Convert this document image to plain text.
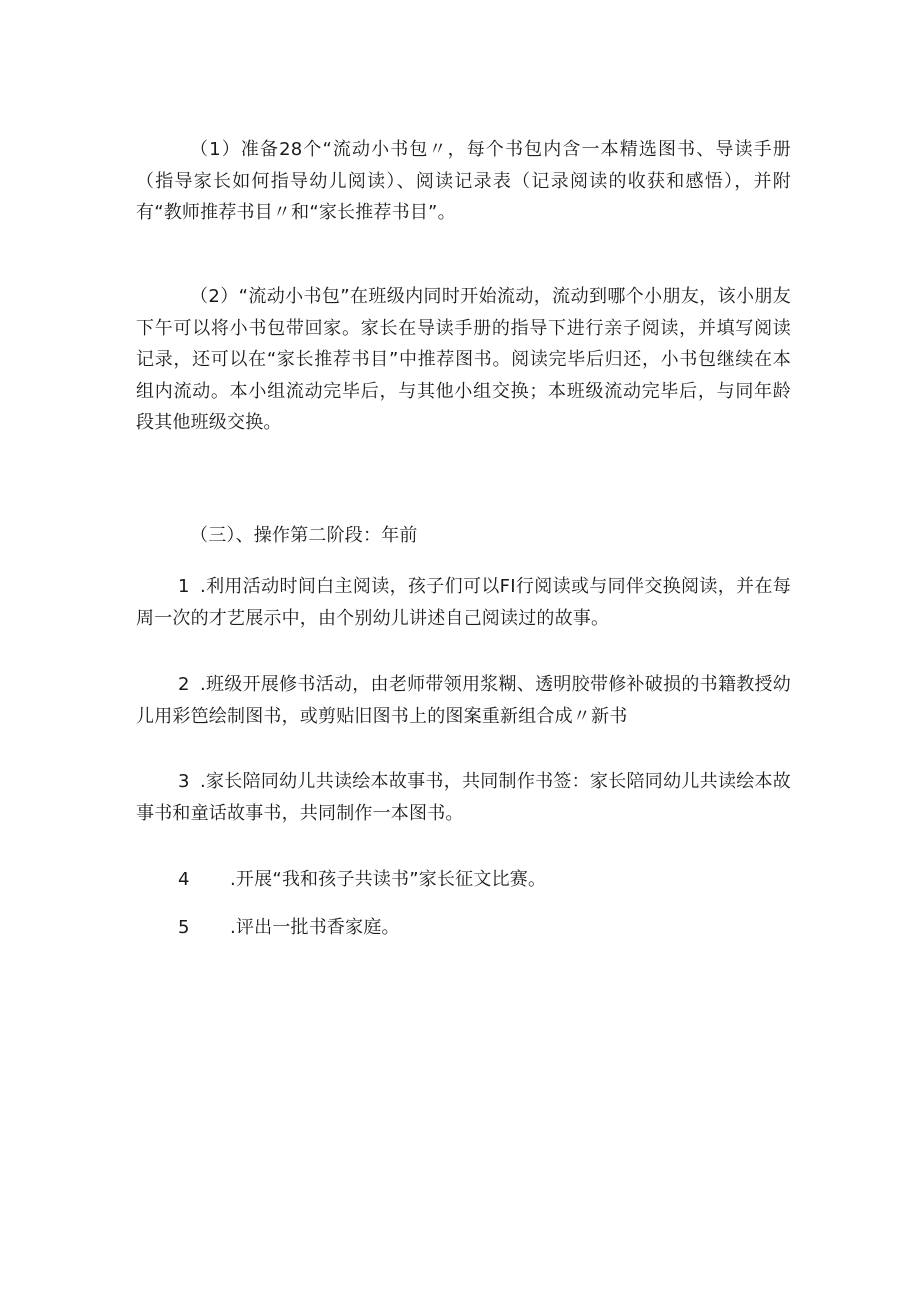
（1）准备28个“流动小书包〃，每个书包内含一本精选图书、导读手册（指导家长如何指导幼儿阅读）、阅读记录表（记录阅读的收获和感悟），并附有“教师推荐书目〃和“家长推荐书目”。

（2）“流动小书包”在班级内同时开始流动，流动到哪个小朋友，该小朋友下午可以将小书包带回家。家长在导读手册的指导下进行亲子阅读，并填写阅读记录，还可以在“家长推荐书目”中推荐图书。阅读完毕后归还，小书包继续在本组内流动。本小组流动完毕后，与其他小组交换；本班级流动完毕后，与同年龄段其他班级交换。

（三）、操作第二阶段：年前

1 .利用活动时间白主阅读，孩子们可以FI行阅读或与同伴交换阅读，并在每周一次的才艺展示中，由个别幼儿讲述自己阅读过的故事。

2 .班级开展修书活动，由老师带领用浆糊、透明胶带修补破损的书籍教授幼儿用彩笆绘制图书，或剪贴旧图书上的图案重新组合成〃新书

3 .家长陪同幼儿共读绘本故事书，共同制作书签：家长陪同幼儿共读绘本故事书和童话故事书，共同制作一本图书。

4 .开展“我和孩子共读书”家长征文比赛。

5 .评出一批书香家庭。
